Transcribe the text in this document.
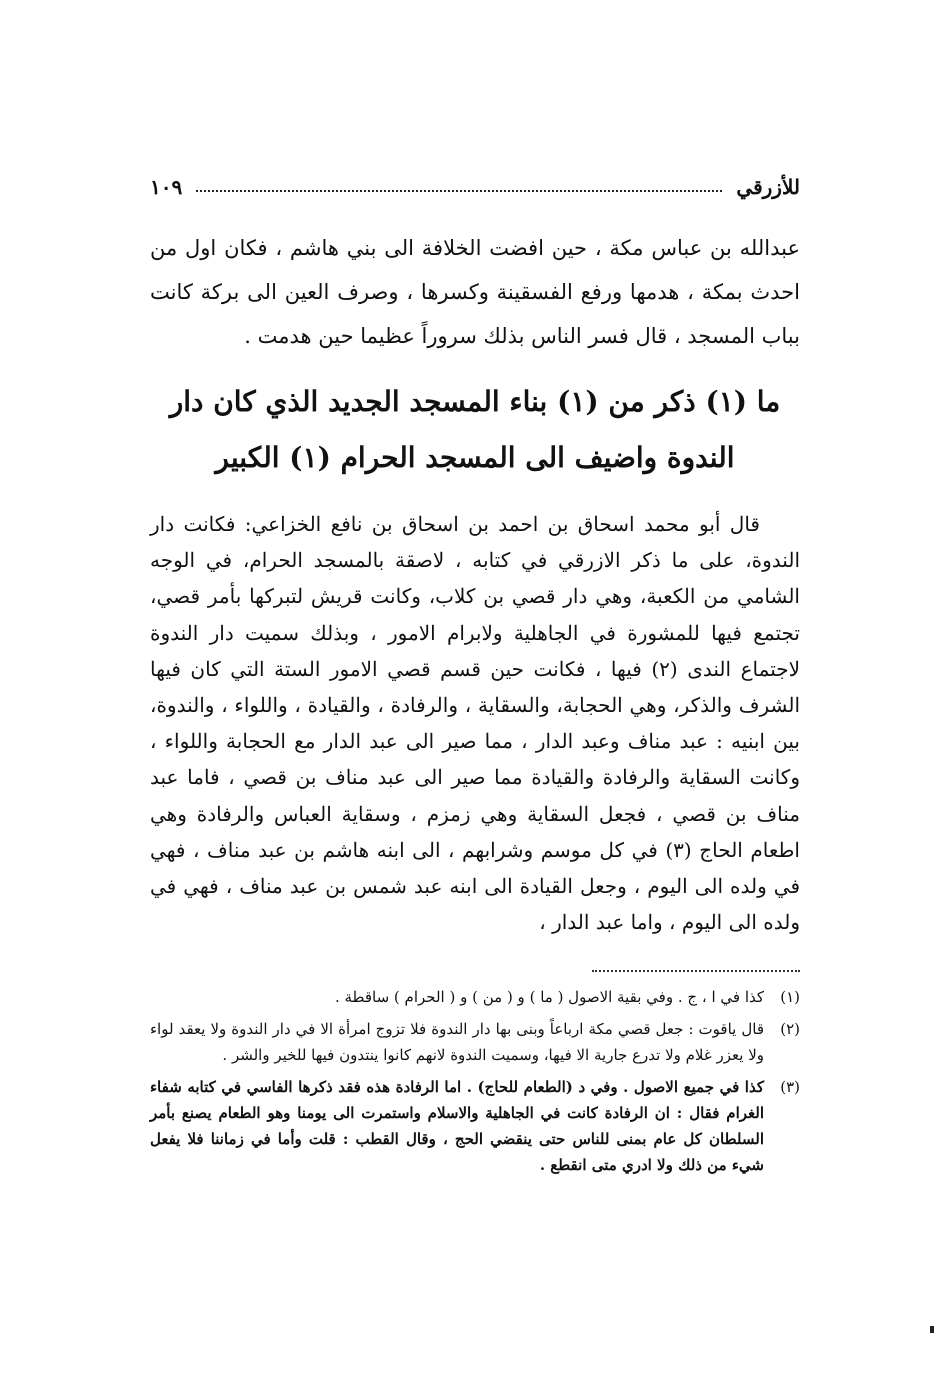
للأزرقي
١٠٩

عبدالله بن عباس مكة ، حين افضت الخلافة الى بني هاشم ، فكان اول من احدث بمكة ، هدمها ورفع الفسقينة وكسرها ، وصرف العين الى بركة كانت بباب المسجد ، قال فسر الناس بذلك سروراً عظيما حين هدمت .

ما (١) ذكر من (١) بناء المسجد الجديد الذي كان دار
الندوة واضيف الى المسجد الحرام (١) الكبير

قال أبو محمد اسحاق بن احمد بن اسحاق بن نافع الخزاعي: فكانت دار الندوة، على ما ذكر الازرقي في كتابه ، لاصقة بالمسجد الحرام، في الوجه الشامي من الكعبة، وهي دار قصي بن كلاب، وكانت قريش لتبركها بأمر قصي، تجتمع فيها للمشورة في الجاهلية ولابرام الامور ، وبذلك سميت دار الندوة لاجتماع الندى (٢) فيها ، فكانت حين قسم قصي الامور الستة التي كان فيها الشرف والذكر، وهي الحجابة، والسقاية ، والرفادة ، والقيادة ، واللواء ، والندوة، بين ابنيه : عبد مناف وعبد الدار ، مما صير الى عبد الدار مع الحجابة واللواء ، وكانت السقاية والرفادة والقيادة مما صير الى عبد مناف بن قصي ، فاما عبد مناف بن قصي ، فجعل السقاية وهي زمزم ، وسقاية العباس والرفادة وهي اطعام الحاج (٣) في كل موسم وشرابهم ، الى ابنه هاشم بن عبد مناف ، فهي في ولده الى اليوم ، وجعل القيادة الى ابنه عبد شمس بن عبد مناف ، فهي في ولده الى اليوم ، واما عبد الدار ،

(١)
كذا في ا ، ج . وفي بقية الاصول ( ما ) و ( من ) و ( الحرام ) ساقطة .
(٢)
قال ياقوت : جعل قصي مكة ارباعاً وبنى بها دار الندوة فلا تزوج امرأة الا في دار الندوة ولا يعقد لواء ولا يعزر غلام ولا تدرع جارية الا فيها، وسميت الندوة لانهم كانوا ينتدون فيها للخير والشر .
(٣)
كذا في جميع الاصول . وفي د (الطعام للحاج) . اما الرفادة هذه فقد ذكرها الفاسي في كتابه شفاء الغرام فقال : ان الرفادة كانت في الجاهلية والاسلام واستمرت الى يومنا وهو الطعام يصنع بأمر السلطان كل عام بمنى للناس حتى ينقضي الحج ، وقال القطب : قلت وأما في زماننا فلا يفعل شيء من ذلك ولا ادري متى انقطع .
